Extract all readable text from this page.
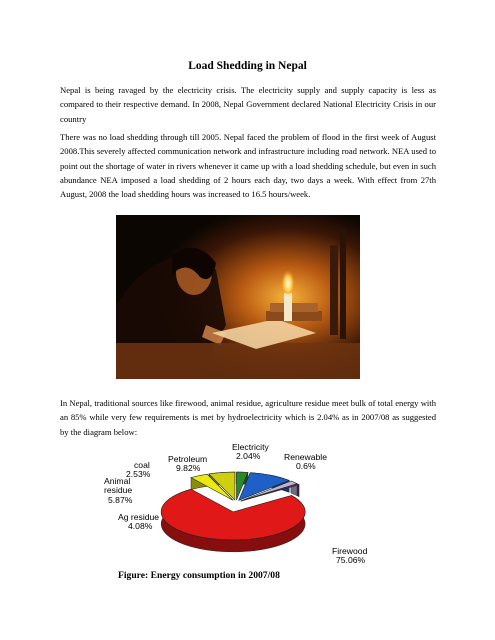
Load Shedding in Nepal
Nepal is being ravaged by the electricity crisis. The electricity supply and supply capacity is less as compared to their respective demand. In 2008, Nepal Government declared National Electricity Crisis in our country
There was no load shedding through till 2005. Nepal faced the problem of flood in the first week of August 2008.This severely affected communication network and infrastructure including road network. NEA used to point out the shortage of water in rivers whenever it came up with a load shedding schedule, but even in such abundance NEA imposed a load shedding of 2 hours each day, two days a week. With effect from 27th August, 2008 the load shedding hours was increased to 16.5 hours/week.
In Nepal, traditional sources like firewood, animal residue, agriculture residue meet bulk of total energy with an 85% while very few requirements is met by hydroelectricity which is 2.04% as in 2007/08 as suggested by the diagram below:
coal
2.53%
Petroleum
9.82%
Electricity
2.04%	Renewable
0.6%
Animal
residue
5.87%
Ag residue
4.08%
Firewood
75.06%
Figure: Energy consumption in 2007/08
